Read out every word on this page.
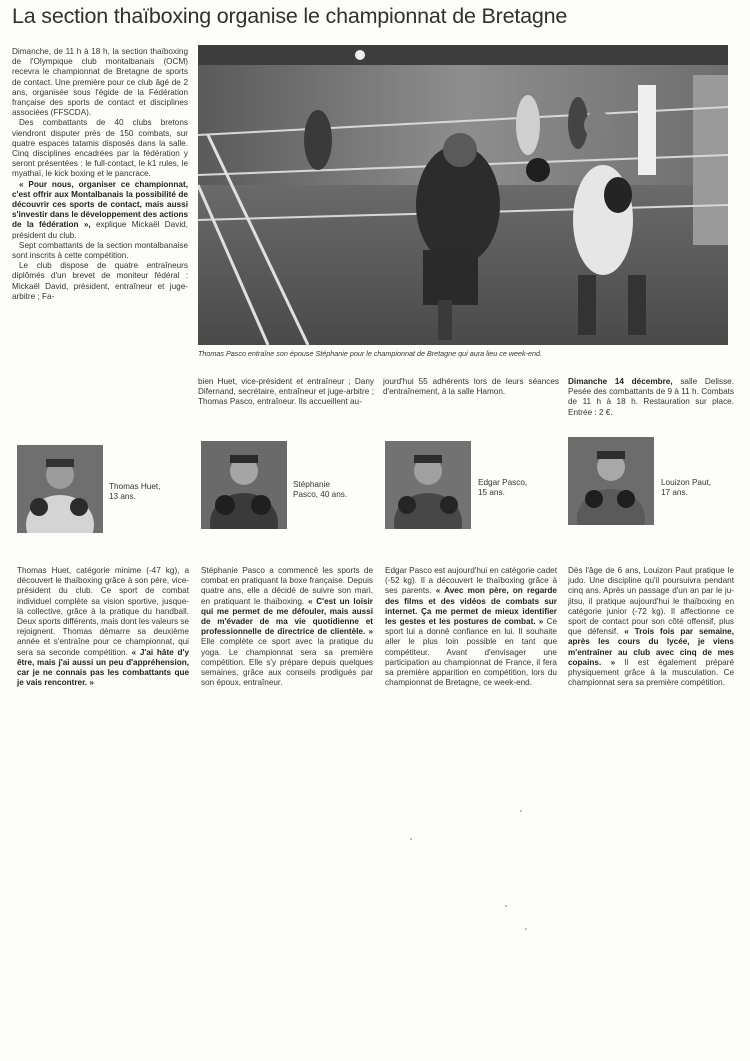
La section thaïboxing organise le championnat de Bretagne

Dimanche, de 11 h à 18 h, la section thaïboxing de l'Olympique club montalbanais (OCM) recevra le championnat de Bretagne de sports de contact. Une première pour ce club âgé de 2 ans, organisée sous l'égide de la Fédération française des sports de contact et disciplines associées (FFSCDA).

Des combattants de 40 clubs bretons viendront disputer près de 150 combats, sur quatre espaces tatamis disposés dans la salle. Cinq disciplines encadrées par la fédération y seront présentées : le full-contact, le k1 rules, le myathaï, le kick boxing et le pancrace.

« Pour nous, organiser ce championnat, c'est offrir aux Montalbanais la possibilité de découvrir ces sports de contact, mais aussi s'investir dans le développement des actions de la fédération », explique Mickaël David, président du club.

Sept combattants de la section montalbanaise sont inscrits à cette compétition.

Le club dispose de quatre entraîneurs diplômés d'un brevet de moniteur fédéral : Mickaël David, président, entraîneur et juge-arbitre ; Fa-

Thomas Pasco entraîne son épouse Stéphanie pour le championnat de Bretagne qui aura lieu ce week-end.

bien Huet, vice-président et entraîneur ; Dany Difernand, secrétaire, entraîneur et juge-arbitre ; Thomas Pasco, entraîneur. Ils accueillent au-

jourd'hui 55 adhérents lors de leurs séances d'entraînement, à la salle Hamon.

Dimanche 14 décembre, salle Delisse. Pesée des combattants de 9 à 11 h. Combats de 11 h à 18 h. Restauration sur place. Entrée : 2 €.

Thomas Huet,
13 ans.
Stéphanie
Pasco, 40 ans.
Edgar Pasco,
15 ans.
Louizon Paut,
17 ans.

Thomas Huet, catégorie minime (-47 kg), a découvert le thaïboxing grâce à son père, vice-président du club. Ce sport de combat individuel complète sa vision sportive, jusque-là collective, grâce à la pratique du handball. Deux sports différents, mais dont les valeurs se rejoignent. Thomas démarre sa deuxième année et s'entraîne pour ce championnat, qui sera sa seconde compétition. « J'ai hâte d'y être, mais j'ai aussi un peu d'appréhension, car je ne connais pas les combattants que je vais rencontrer. »

Stéphanie Pasco a commencé les sports de combat en pratiquant la boxe française. Depuis quatre ans, elle a décidé de suivre son mari, en pratiquant le thaïboxing. « C'est un loisir qui me permet de me défouler, mais aussi de m'évader de ma vie quotidienne et professionnelle de directrice de clientèle. » Elle complète ce sport avec la pratique du yoga. Le championnat sera sa première compétition. Elle s'y prépare depuis quelques semaines, grâce aux conseils prodigués par son époux, entraîneur.

Edgar Pasco est aujourd'hui en catégorie cadet (-52 kg). Il a découvert le thaïboxing grâce à ses parents. « Avec mon père, on regarde des films et des vidéos de combats sur internet. Ça me permet de mieux identifier les gestes et les postures de combat. » Ce sport lui a donné confiance en lui. Il souhaite aller le plus loin possible en tant que compétiteur. Avant d'envisager une participation au championnat de France, il fera sa première apparition en compétition, lors du championnat de Bretagne, ce week-end.

Dès l'âge de 6 ans, Louizon Paut pratique le judo. Une discipline qu'il poursuivra pendant cinq ans. Après un passage d'un an par le ju-jitsu, il pratique aujourd'hui le thaïboxing en catégorie junior (-72 kg). Il affectionne ce sport de contact pour son côté offensif, plus que défensif. « Trois fois par semaine, après les cours du lycée, je viens m'entraîner au club avec cinq de mes copains. » Il est également préparé physiquement grâce à la musculation. Ce championnat sera sa première compétition.
